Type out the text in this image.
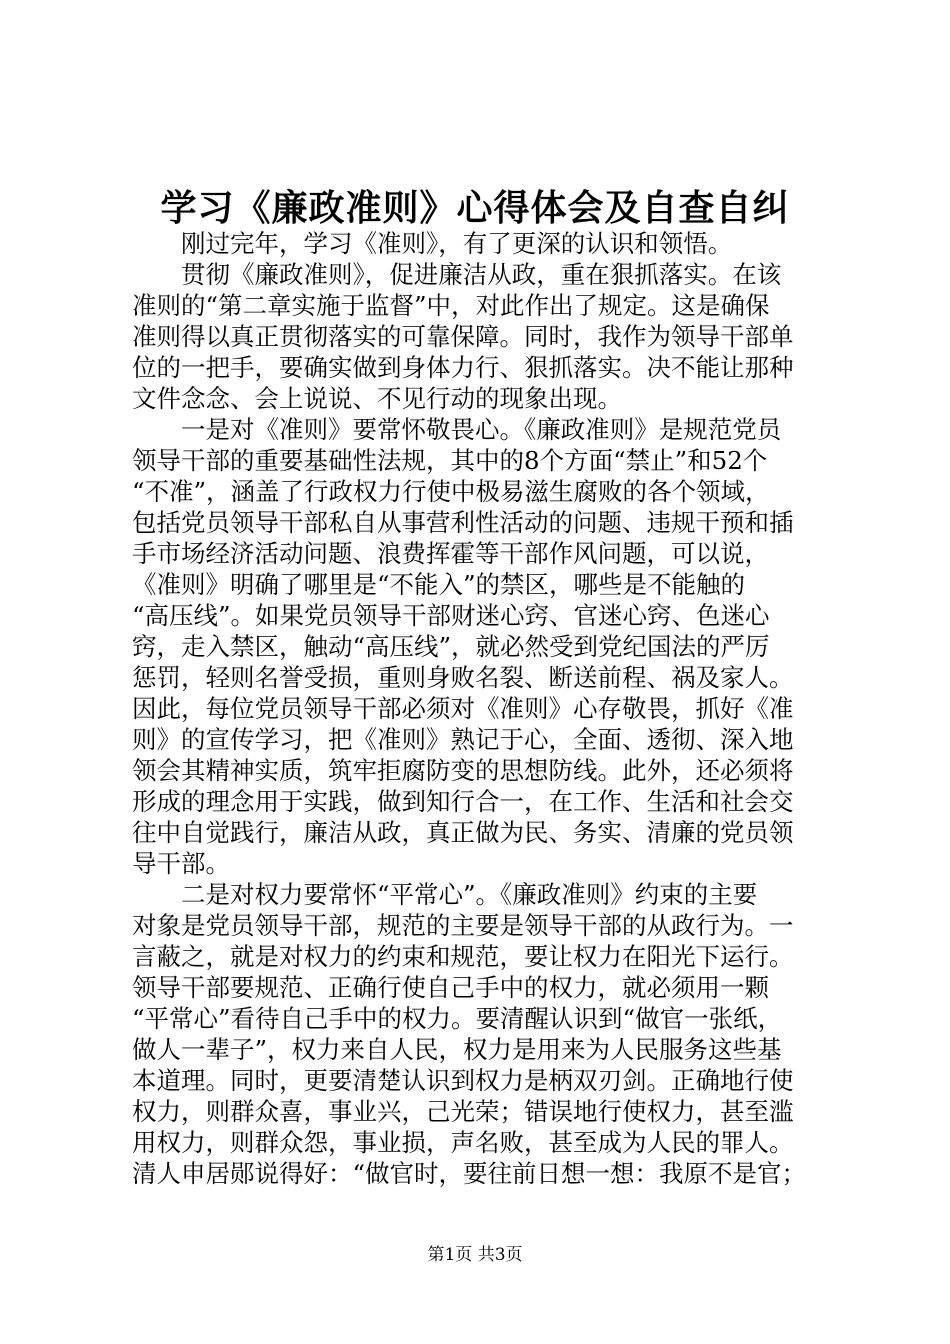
学习《廉政准则》心得体会及自查自纠
　　刚过完年，学习《准则》，有了更深的认识和领悟。
　　贯彻《廉政准则》，促进廉洁从政，重在狠抓落实。在该
准则的“第二章实施于监督”中，对此作出了规定。这是确保
准则得以真正贯彻落实的可靠保障。同时，我作为领导干部单
位的一把手，要确实做到身体力行、狠抓落实。决不能让那种
文件念念、会上说说、不见行动的现象出现。
　　一是对《准则》要常怀敬畏心。《廉政准则》是规范党员
领导干部的重要基础性法规，其中的8个方面“禁止”和52个
“不准”，涵盖了行政权力行使中极易滋生腐败的各个领域，
包括党员领导干部私自从事营利性活动的问题、违规干预和插
手市场经济活动问题、浪费挥霍等干部作风问题，可以说，
《准则》明确了哪里是“不能入”的禁区，哪些是不能触的
“高压线”。如果党员领导干部财迷心窍、官迷心窍、色迷心
窍，走入禁区，触动“高压线”，就必然受到党纪国法的严厉
惩罚，轻则名誉受损，重则身败名裂、断送前程、祸及家人。
因此，每位党员领导干部必须对《准则》心存敬畏，抓好《准
则》的宣传学习，把《准则》熟记于心，全面、透彻、深入地
领会其精神实质，筑牢拒腐防变的思想防线。此外，还必须将
形成的理念用于实践，做到知行合一，在工作、生活和社会交
往中自觉践行，廉洁从政，真正做为民、务实、清廉的党员领
导干部。
　　二是对权力要常怀“平常心”。《廉政准则》约束的主要
对象是党员领导干部，规范的主要是领导干部的从政行为。一
言蔽之，就是对权力的约束和规范，要让权力在阳光下运行。
领导干部要规范、正确行使自己手中的权力，就必须用一颗
“平常心”看待自己手中的权力。要清醒认识到“做官一张纸，
做人一辈子”，权力来自人民，权力是用来为人民服务这些基
本道理。同时，更要清楚认识到权力是柄双刃剑。正确地行使
权力，则群众喜，事业兴，己光荣；错误地行使权力，甚至滥
用权力，则群众怨，事业损，声名败，甚至成为人民的罪人。
清人申居郧说得好：“做官时，要往前日想一想：我原不是官；
第1页 共3页
